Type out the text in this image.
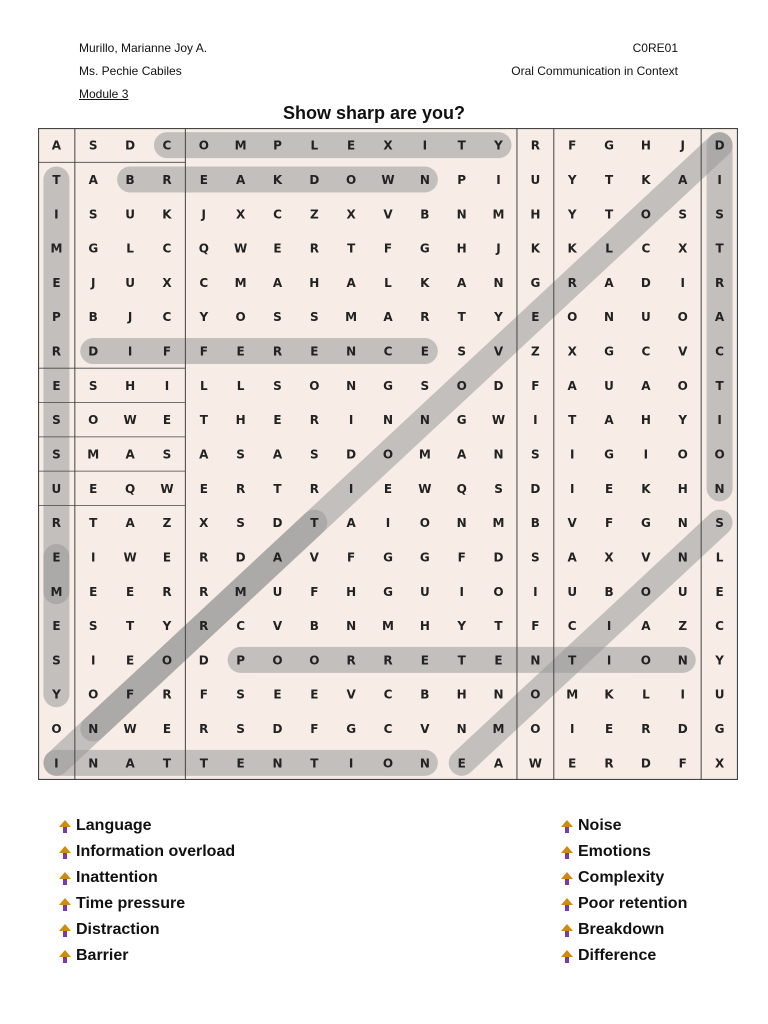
Murillo, Marianne Joy A.
Ms. Pechie Cabiles
Module 3
C0RE01
Oral Communication in Context
Show sharp are you?
A S D C O M P L E X I	T Y R F G H J D
T A B R E A K D O W N P	I U Y T K A I
I	S U K J X C Z X V B N M H Y T O S S
M G L C Q W E R T F G H J K K L C X T
E	J U X C M A H A L K A N G R A D I R
P B	J	C Y O S S M A R T Y E O N U O A
R D I	F F E R E N C E S V Z X G C V C
E S H I	L L S O N G S O D F A U A O T
S O W E T H E R I N N G W I	T A H Y	I
S M A S A S A S D O M A N S	I G I O O
U E Q W E R T R I	E W Q S D I	E K H N
R T A Z X S D T A I O N M B V F G N S
E	I W E R D A V F G G F D S A X V N L
M E E R R M U F H G U I O I U B O U E
E S T Y R C V B N M H Y T F C	I A Z C
S	I	E O D P O O R R E T E N T	I O N Y
Y O F R F S E E V C B H N O M K L	I U
O N W E R S D F G C V N M O I	E R D G
I N A T T E N T	I O N E A W E R D F X
Language
Information overload
Inattention
Time pressure
Distraction
Barrier
Noise
Emotions
Complexity
Poor retention
Breakdown
Difference
